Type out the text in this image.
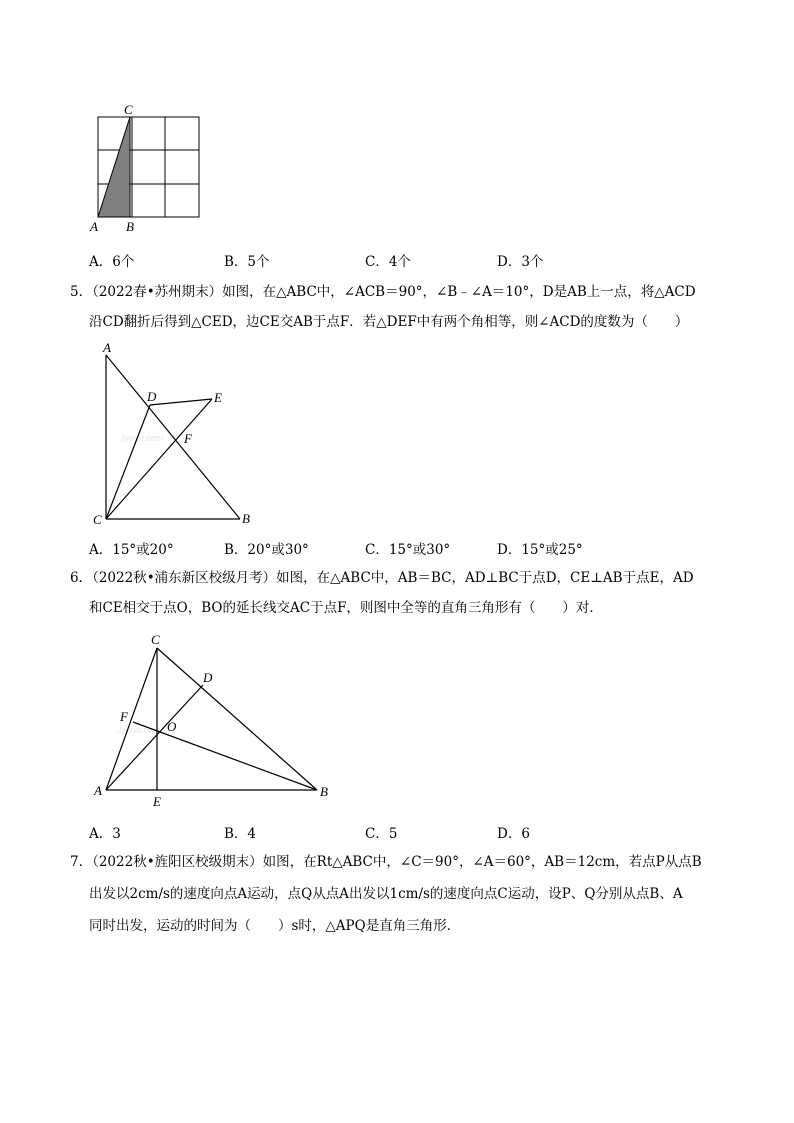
C
A B
A．6个	B．5个	C．4个	D．3个
5．（2022春•苏州期末）如图，在△ABC中，∠ACB＝90°，∠B﹣∠A＝10°，D是AB上一点，将△ACD
沿CD翻折后得到△CED，边CE交AB于点F．若△DEF中有两个角相等，则∠ACD的度数为（　　）
Jyeoo.com
A
D	E
F
C	B
A．15°或20°	B．20°或30°	C．15°或30°	D．15°或25°
6．（2022秋•浦东新区校级月考）如图，在△ABC中，AB＝BC，AD⊥BC于点D，CE⊥AB于点E，AD
和CE相交于点O，BO的延长线交AC于点F，则图中全等的直角三角形有（　　）对．
Jyeoo.com
C
D
F
O
A
E
B
A．3	B．4	C．5	D．6
7．（2022秋•旌阳区校级期末）如图，在Rt△ABC中，∠C＝90°，∠A＝60°，AB＝12cm，若点P从点B
出发以2cm/s的速度向点A运动，点Q从点A出发以1cm/s的速度向点C运动，设P、Q分别从点B、A
同时出发，运动的时间为（　　）s时，△APQ是直角三角形．
